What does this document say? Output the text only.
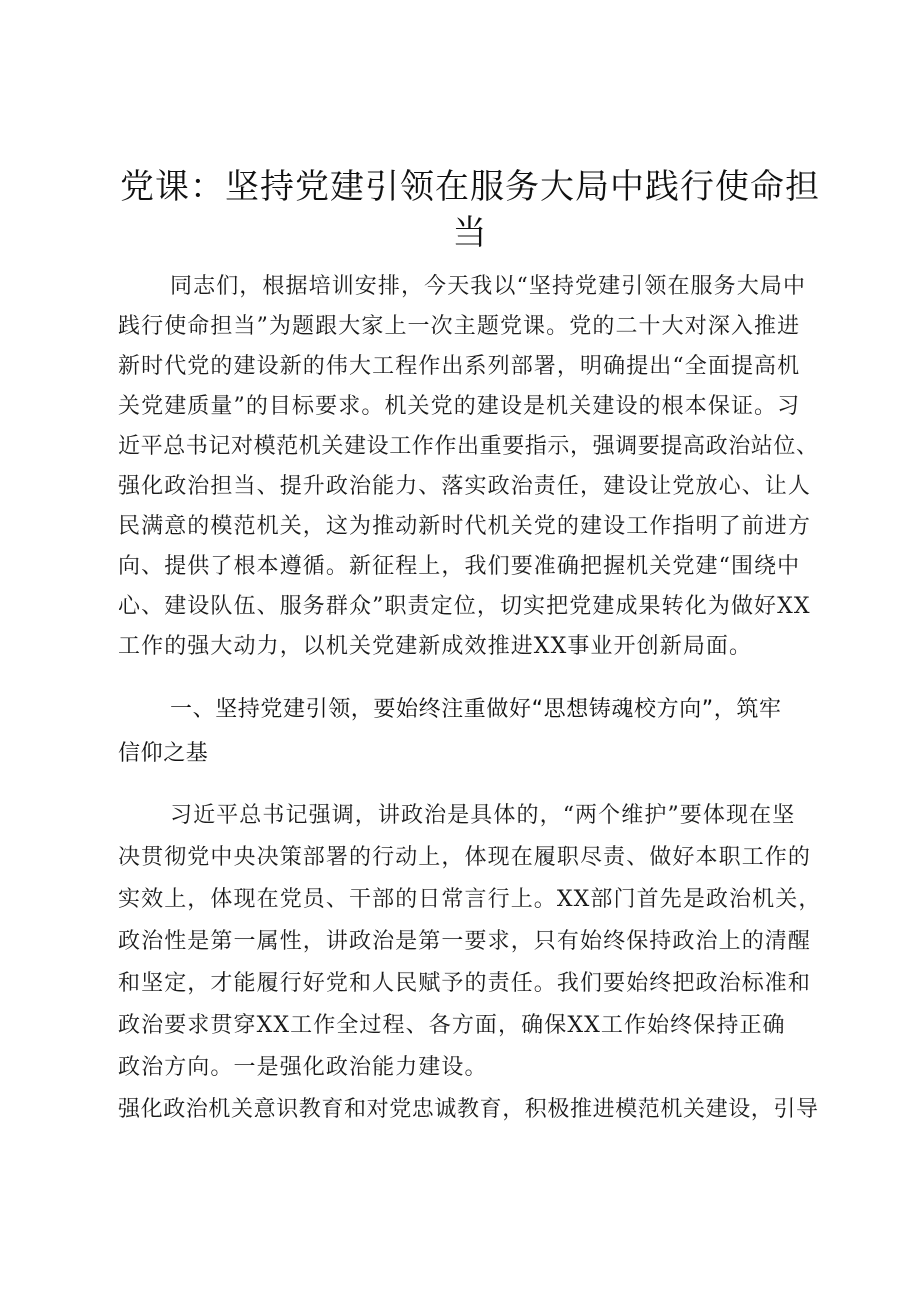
党课：坚持党建引领在服务大局中践行使命担
当

同志们，根据培训安排，今天我以“坚持党建引领在服务大局中

践行使命担当”为题跟大家上一次主题党课。党的二十大对深入推进

新时代党的建设新的伟大工程作出系列部署，明确提出“全面提高机

关党建质量”的目标要求。机关党的建设是机关建设的根本保证。习

近平总书记对模范机关建设工作作出重要指示，强调要提高政治站位、

强化政治担当、提升政治能力、落实政治责任，建设让党放心、让人

民满意的模范机关，这为推动新时代机关党的建设工作指明了前进方

向、提供了根本遵循。新征程上，我们要准确把握机关党建“围绕中

心、建设队伍、服务群众”职责定位，切实把党建成果转化为做好XX

工作的强大动力，以机关党建新成效推进XX事业开创新局面。

一、坚持党建引领，要始终注重做好“思想铸魂校方向”，筑牢

信仰之基

习近平总书记强调，讲政治是具体的，“两个维护”要体现在坚

决贯彻党中央决策部署的行动上，体现在履职尽责、做好本职工作的

实效上，体现在党员、干部的日常言行上。XX部门首先是政治机关，

政治性是第一属性，讲政治是第一要求，只有始终保持政治上的清醒

和坚定，才能履行好党和人民赋予的责任。我们要始终把政治标准和

政治要求贯穿XX工作全过程、各方面，确保XX工作始终保持正确

政治方向。一是强化政治能力建设。

强化政治机关意识教育和对党忠诚教育，积极推进模范机关建设，引导
